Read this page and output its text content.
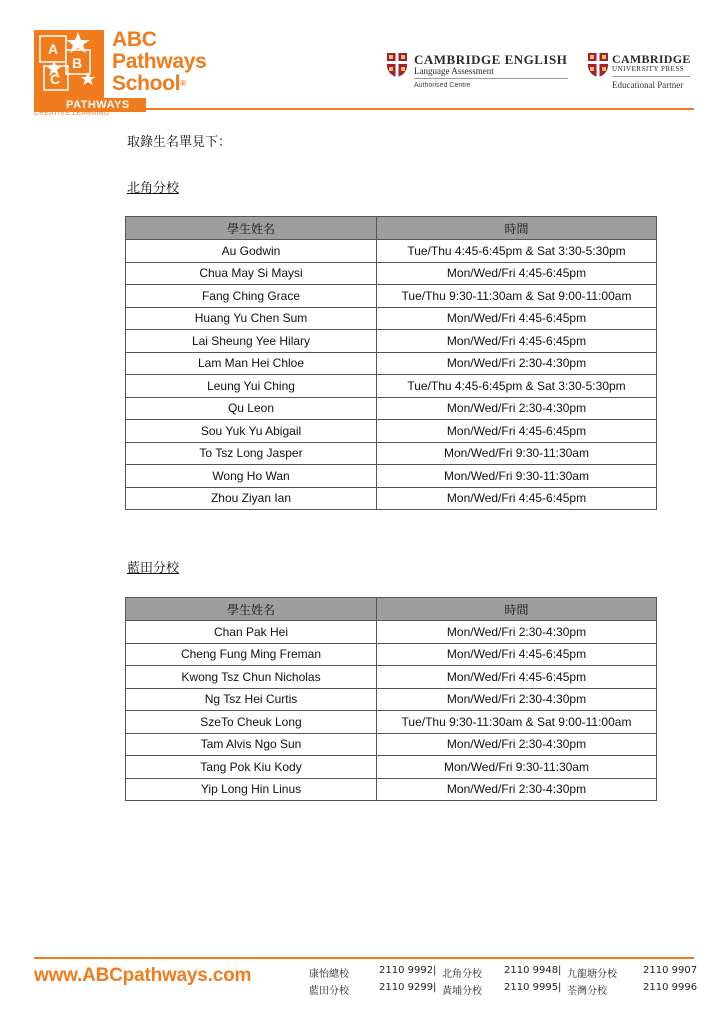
A
B
C
ABC
Pathways
School®
PATHWAYS
CREATIVE LEARNING
CAMBRIDGE ENGLISH
Language Assessment
Authorised Centre
CAMBRIDGE
UNIVERSITY PRESS
Educational Partner
取錄生名單見下：
北角分校
學生姓名	時間
Au Godwin	Tue/Thu 4:45-6:45pm & Sat 3:30-5:30pm
Chua May Si Maysi	Mon/Wed/Fri 4:45-6:45pm
Fang Ching Grace	Tue/Thu 9:30-11:30am & Sat 9:00-11:00am
Huang Yu Chen Sum	Mon/Wed/Fri 4:45-6:45pm
Lai Sheung Yee Hilary	Mon/Wed/Fri 4:45-6:45pm
Lam Man Hei Chloe	Mon/Wed/Fri 2:30-4:30pm
Leung Yui Ching	Tue/Thu 4:45-6:45pm & Sat 3:30-5:30pm
Qu Leon	Mon/Wed/Fri 2:30-4:30pm
Sou Yuk Yu Abigail	Mon/Wed/Fri 4:45-6:45pm
To Tsz Long Jasper	Mon/Wed/Fri 9:30-11:30am
Wong Ho Wan	Mon/Wed/Fri 9:30-11:30am
Zhou Ziyan Ian	Mon/Wed/Fri 4:45-6:45pm
藍田分校
學生姓名	時間
Chan Pak Hei	Mon/Wed/Fri 2:30-4:30pm
Cheng Fung Ming Freman	Mon/Wed/Fri 4:45-6:45pm
Kwong Tsz Chun Nicholas	Mon/Wed/Fri 4:45-6:45pm
Ng Tsz Hei Curtis	Mon/Wed/Fri 2:30-4:30pm
SzeTo Cheuk Long	Tue/Thu 9:30-11:30am & Sat 9:00-11:00am
Tam Alvis Ngo Sun	Mon/Wed/Fri 2:30-4:30pm
Tang Pok Kiu Kody	Mon/Wed/Fri 9:30-11:30am
Yip Long Hin Linus	Mon/Wed/Fri 2:30-4:30pm
www.ABCpathways.com	康怡總校	2110 9992 | 北角分校 2110 9948 | 九龍塘分校	2110 9907
藍田分校	2110 9299 | 黃埔分校 2110 9995 | 荃灣分校	2110 9996
